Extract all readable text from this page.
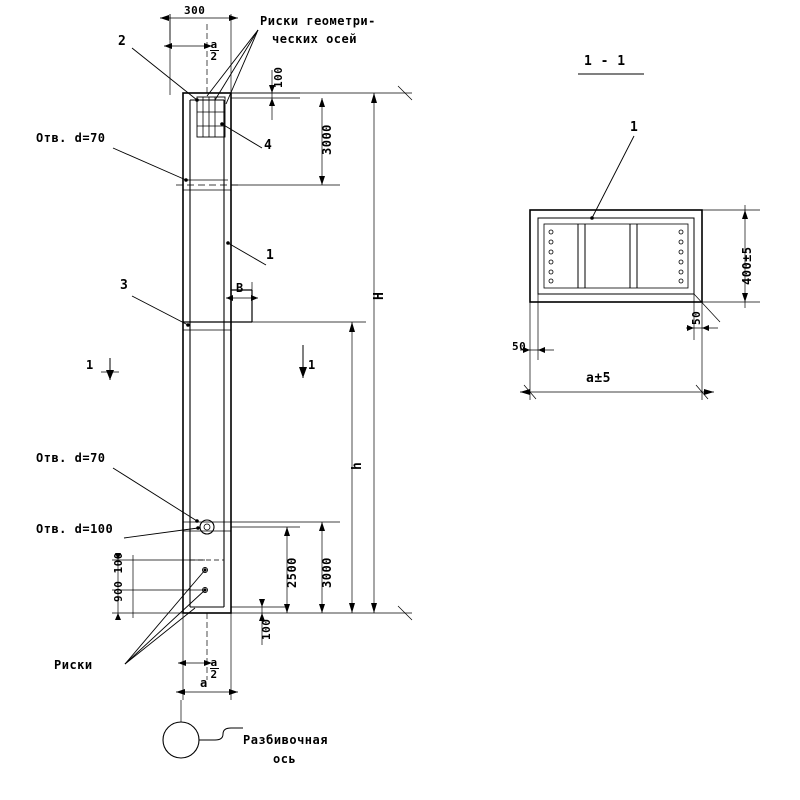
Риски геометри-
ческих осей
2
4
1
3
1
Отв. d=70
Отв. d=70
Отв. d=100
Риски
Разбивочная
ось
300

$\frac{a}{2}$

100
3000
H
h
B
2500 3000
100
900 100

$\frac{a}{2}$

a
1	1
1 - 1
400±5
50
50
a±5
